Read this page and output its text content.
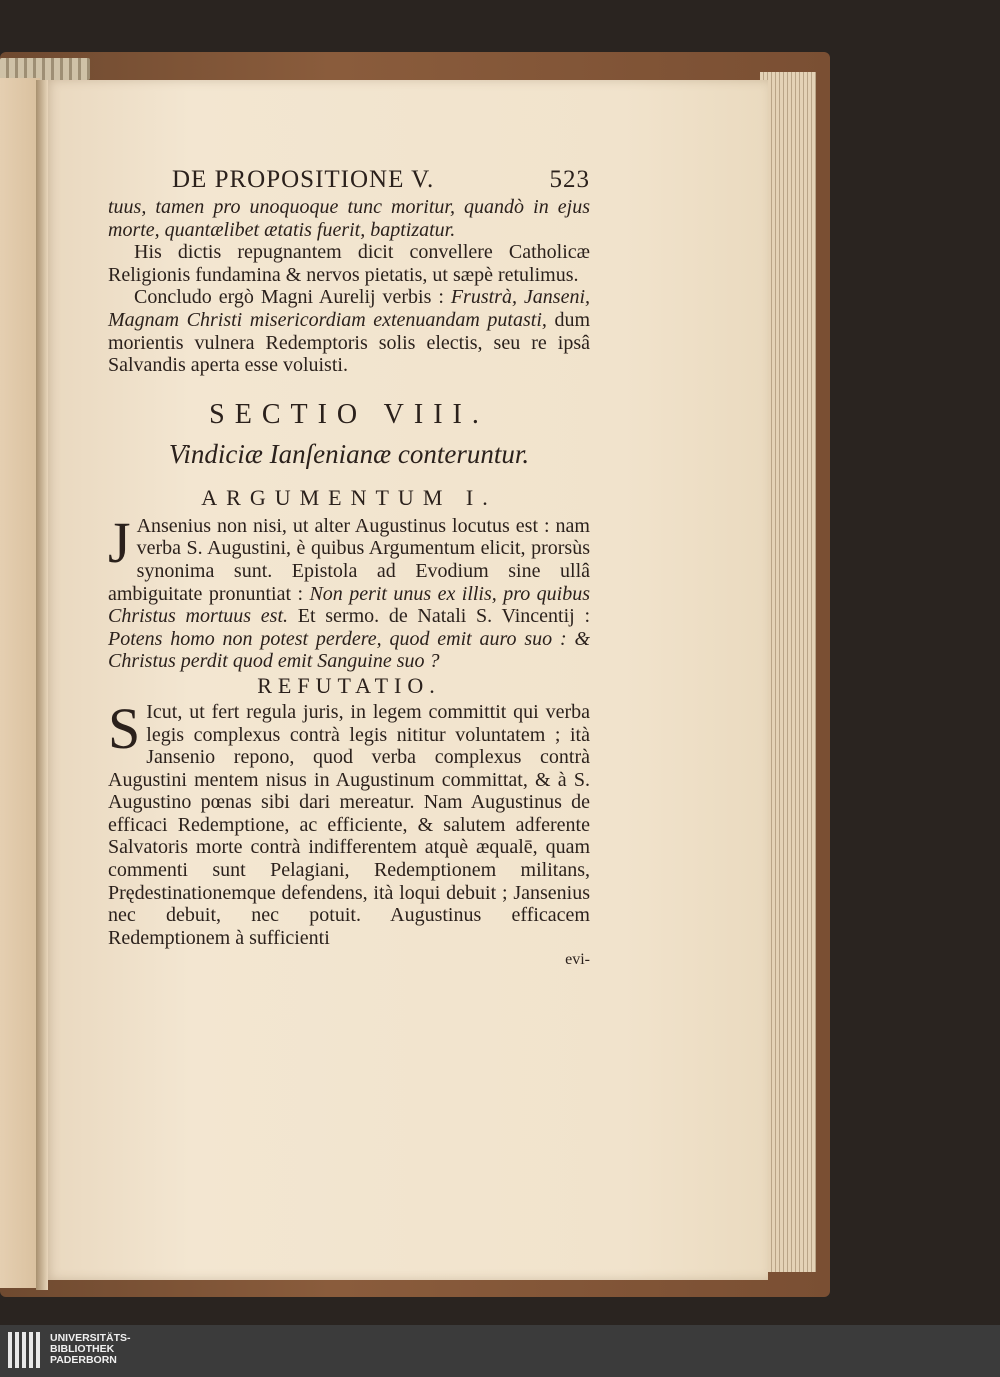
DE PROPOSITIONE V.	523

tuus, tamen pro unoquoque tunc moritur, quandò in ejus morte, quantælibet ætatis fuerit, baptizatur.

His dictis repugnantem dicit convellere Catholicæ Religionis fundamina & nervos pietatis, ut sæpè retulimus.

Concludo ergò Magni Aurelij verbis : Frustrà, Janseni, Magnam Christi misericordiam extenuandam putasti, dum morientis vulnera Redemptoris solis electis, seu re ipsâ Salvandis aperta esse voluisti.

SECTIO VIII.
Vindiciæ Ianſenianæ conteruntur.
ARGUMENTUM I.

J Ansenius non nisi, ut alter Augustinus locutus est : nam verba S. Augustini, è quibus Argumentum elicit, prorsùs synonima sunt. Epistola ad Evodium sine ullâ ambiguitate pronuntiat : Non perit unus ex illis, pro quibus Christus mortuus est. Et sermo. de Natali S. Vincentij : Potens homo non potest perdere, quod emit auro suo : & Christus perdit quod emit Sanguine suo ?

REFUTATIO.

S Icut, ut fert regula juris, in legem committit qui verba legis complexus contrà legis nititur voluntatem ; ità Jansenio repono, quod verba complexus contrà Augustini mentem nisus in Augustinum committat, & à S. Augustino pœnas sibi dari mereatur. Nam Augustinus de efficaci Redemptione, ac efficiente, & salutem adferente Salvatoris morte contrà indifferentem atquè æqualē, quam commenti sunt Pelagiani, Redemptionem militans, Prędestinationemque defendens, ità loqui debuit ; Jansenius nec debuit, nec potuit. Augustinus efficacem Redemptionem à sufficienti

evi-
UNIVERSITÄTS-
BIBLIOTHEK
PADERBORN
